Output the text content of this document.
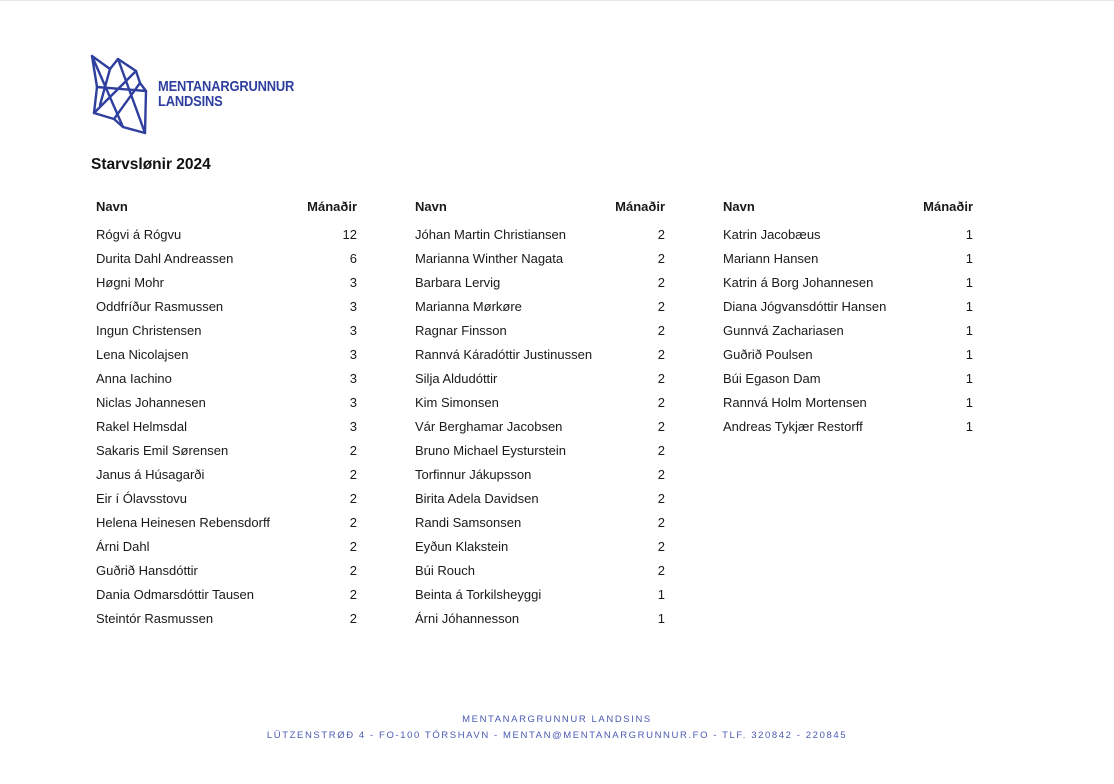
MENTANARGRUNNUR
LANDSINS
Starvslønir 2024
Navn	Mánaðir
Rógvi á Rógvu	12
Durita Dahl Andreassen	6
Høgni Mohr	3
Oddfríður Rasmussen	3
Ingun Christensen	3
Lena Nicolajsen	3
Anna Iachino	3
Niclas Johannesen	3
Rakel Helmsdal	3
Sakaris Emil Sørensen	2
Janus á Húsagarði	2
Eir í Ólavsstovu	2
Helena Heinesen Rebensdorff	2
Árni Dahl	2
Guðrið Hansdóttir	2
Dania Odmarsdóttir Tausen	2
Steintór Rasmussen	2
Navn	Mánaðir
Jóhan Martin Christiansen	2
Marianna Winther Nagata	2
Barbara Lervig	2
Marianna Mørkøre	2
Ragnar Finsson	2
Rannvá Káradóttir Justinussen	2
Silja Aldudóttir	2
Kim Simonsen	2
Vár Berghamar Jacobsen	2
Bruno Michael Eysturstein	2
Torfinnur Jákupsson	2
Birita Adela Davidsen	2
Randi Samsonsen	2
Eyðun Klakstein	2
Búi Rouch	2
Beinta á Torkilsheyggi	1
Árni Jóhannesson	1
Navn	Mánaðir
Katrin Jacobæus	1
Mariann Hansen	1
Katrin á Borg Johannesen	1
Diana Jógvansdóttir Hansen	1
Gunnvá Zachariasen	1
Guðrið Poulsen	1
Búi Egason Dam	1
Rannvá Holm Mortensen	1
Andreas Tykjær Restorff	1
MENTANARGRUNNUR LANDSINS
LÜTZENSTRØÐ 4 - FO-100 TÓRSHAVN - MENTAN@MENTANARGRUNNUR.FO - TLF. 320842 - 220845
